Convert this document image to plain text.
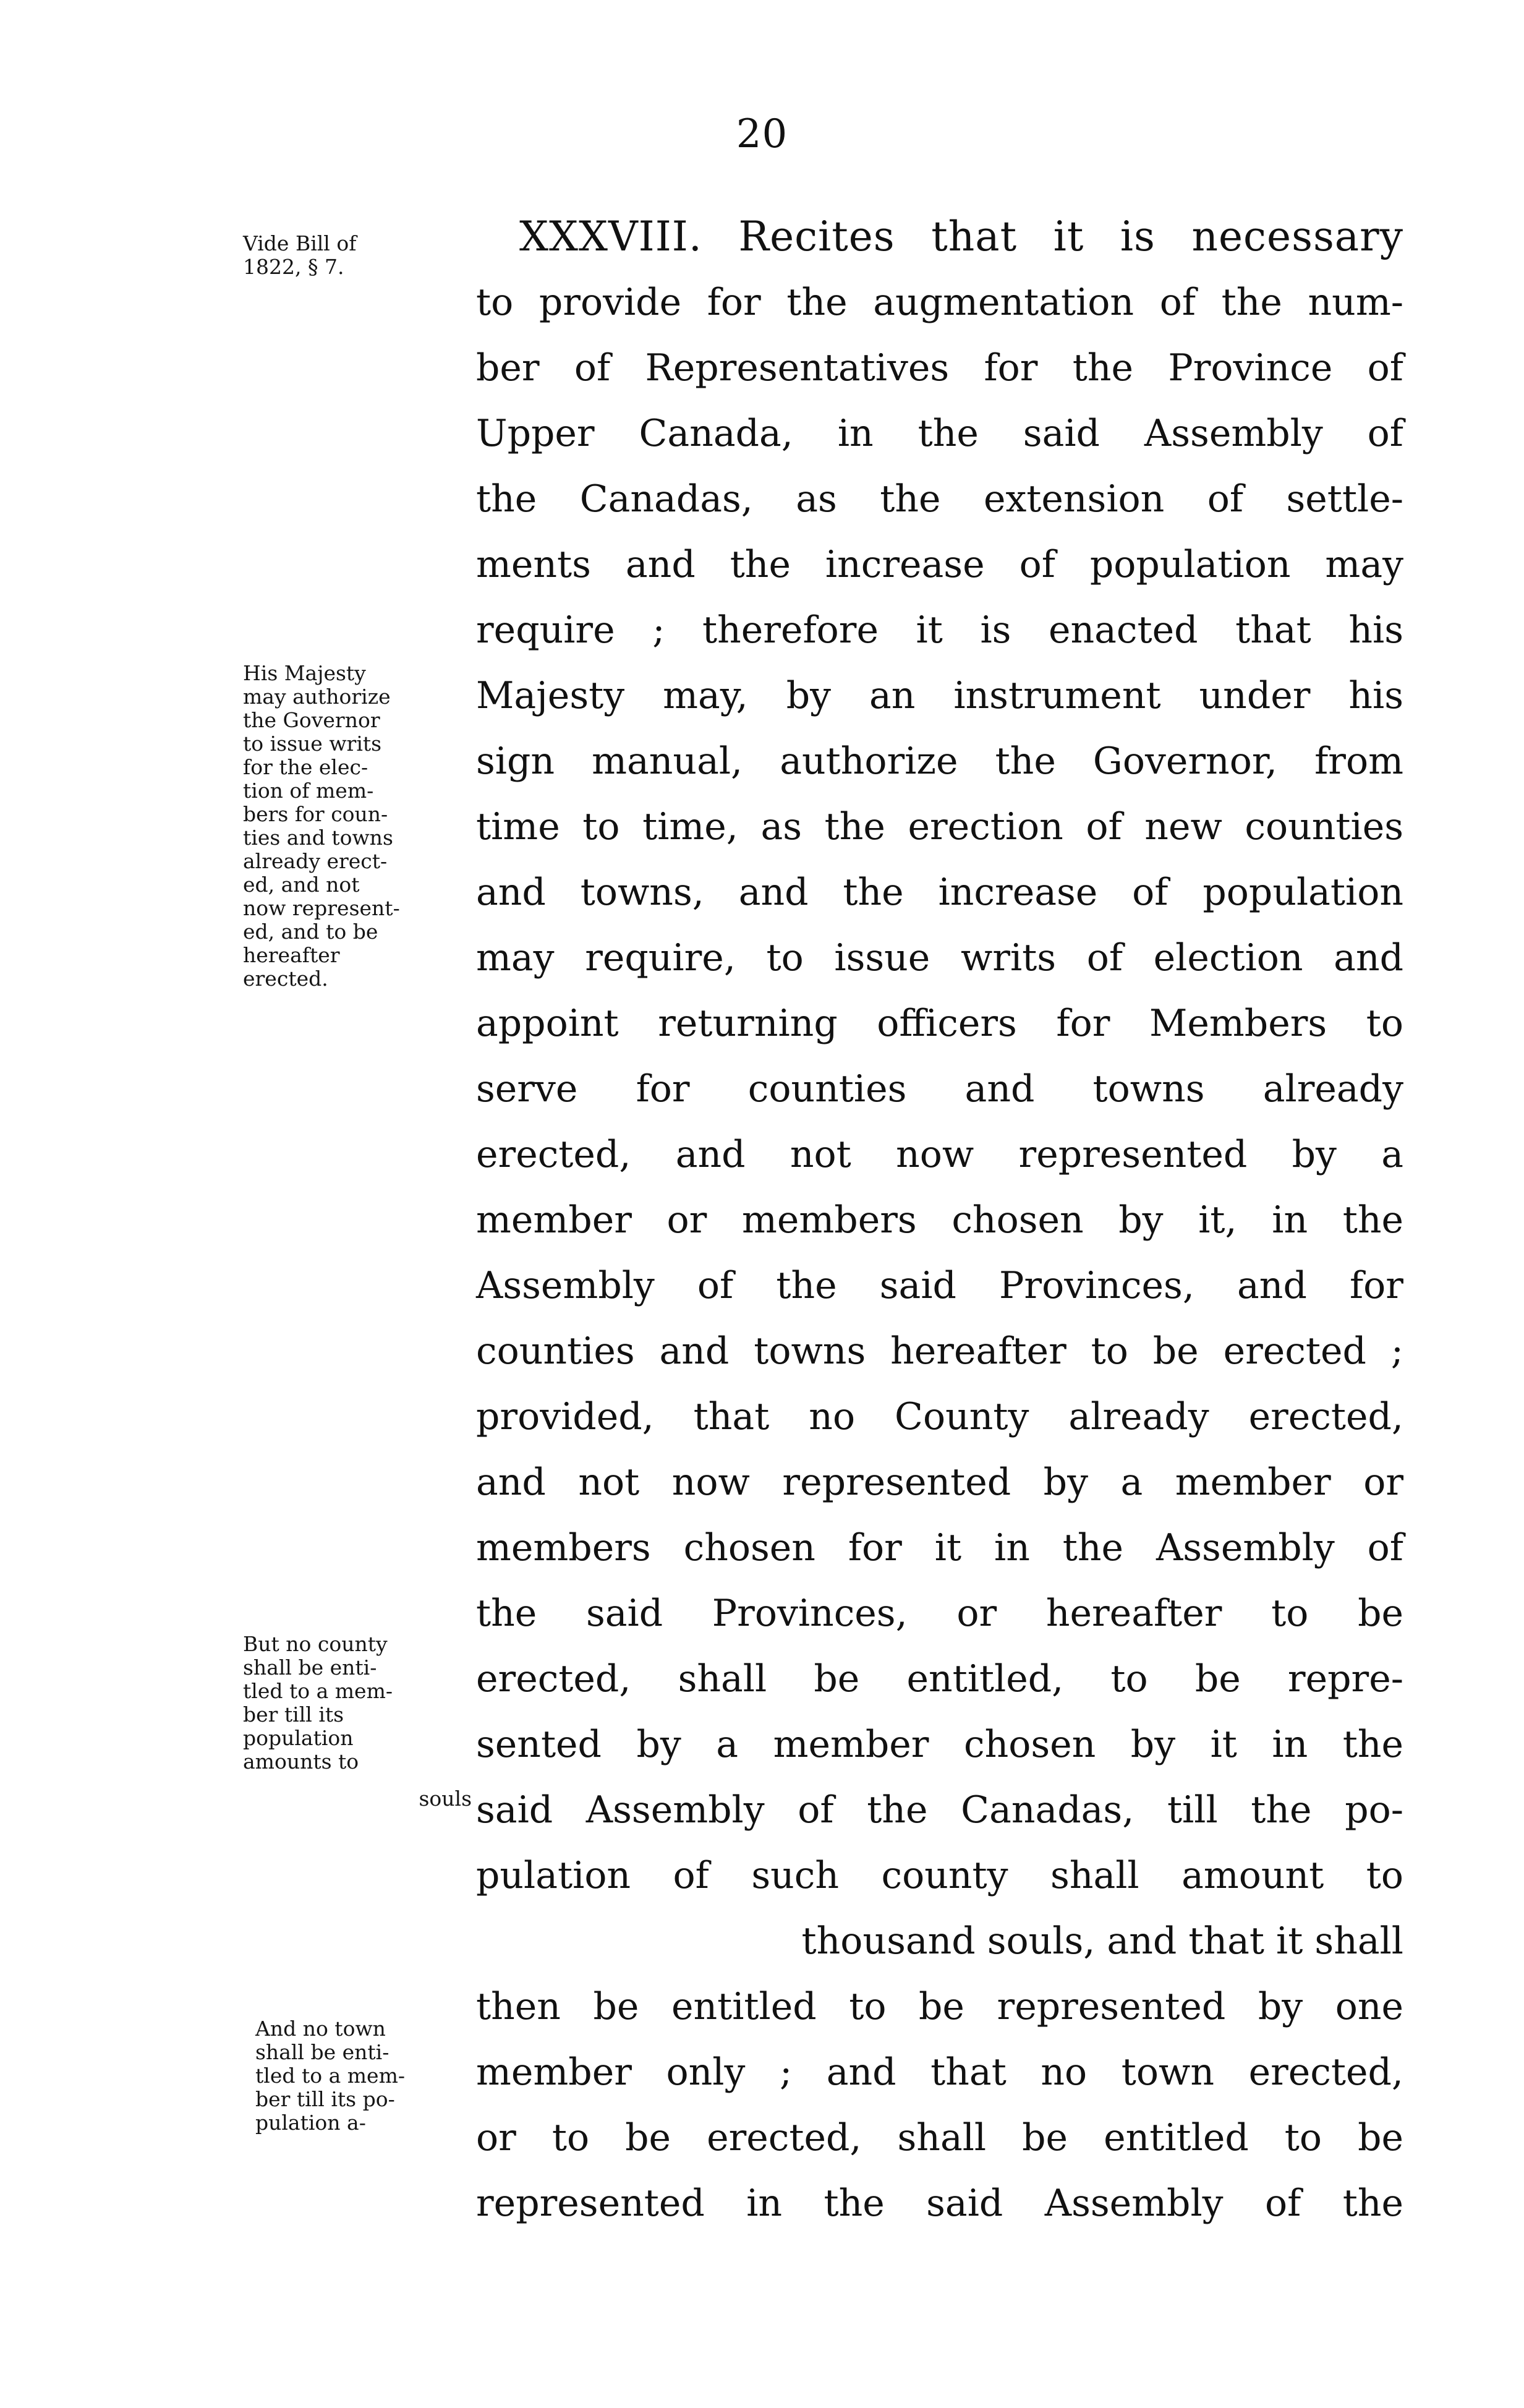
20
Vide Bill of
1822, § 7.
His Majesty
may authorize
the Governor
to issue writs
for the elec-
tion of mem-
bers for coun-
ties and towns
already erect-
ed, and not
now represent-
ed, and to be
hereafter
erected.
But no county
shall be enti-
tled to a mem-
ber till its
population
amounts to
souls
And no town
shall be enti-
tled to a mem-
ber till its po-
pulation a-
XXXVIII. Recites that it is necessary
to provide for the augmentation of the num-
ber of Representatives for the Province of
Upper Canada, in the said Assembly of
the Canadas, as the extension of settle-
ments and the increase of population may
require ; therefore it is enacted that his
Majesty may, by an instrument under his
sign manual, authorize the Governor, from
time to time, as the erection of new counties
and towns, and the increase of population
may require, to issue writs of election and
appoint returning officers for Members to
serve for counties and towns already
erected, and not now represented by a
member or members chosen by it, in the
Assembly of the said Provinces, and for
counties and towns hereafter to be erected ;
provided, that no County already erected,
and not now represented by a member or
members chosen for it in the Assembly of
the said Provinces, or hereafter to be
erected, shall be entitled, to be repre-
sented by a member chosen by it in the
said Assembly of the Canadas, till the po-
pulation of such county shall amount to
thousand souls, and that it shall
then be entitled to be represented by one
member only ; and that no town erected,
or to be erected, shall be entitled to be
represented in the said Assembly of the
